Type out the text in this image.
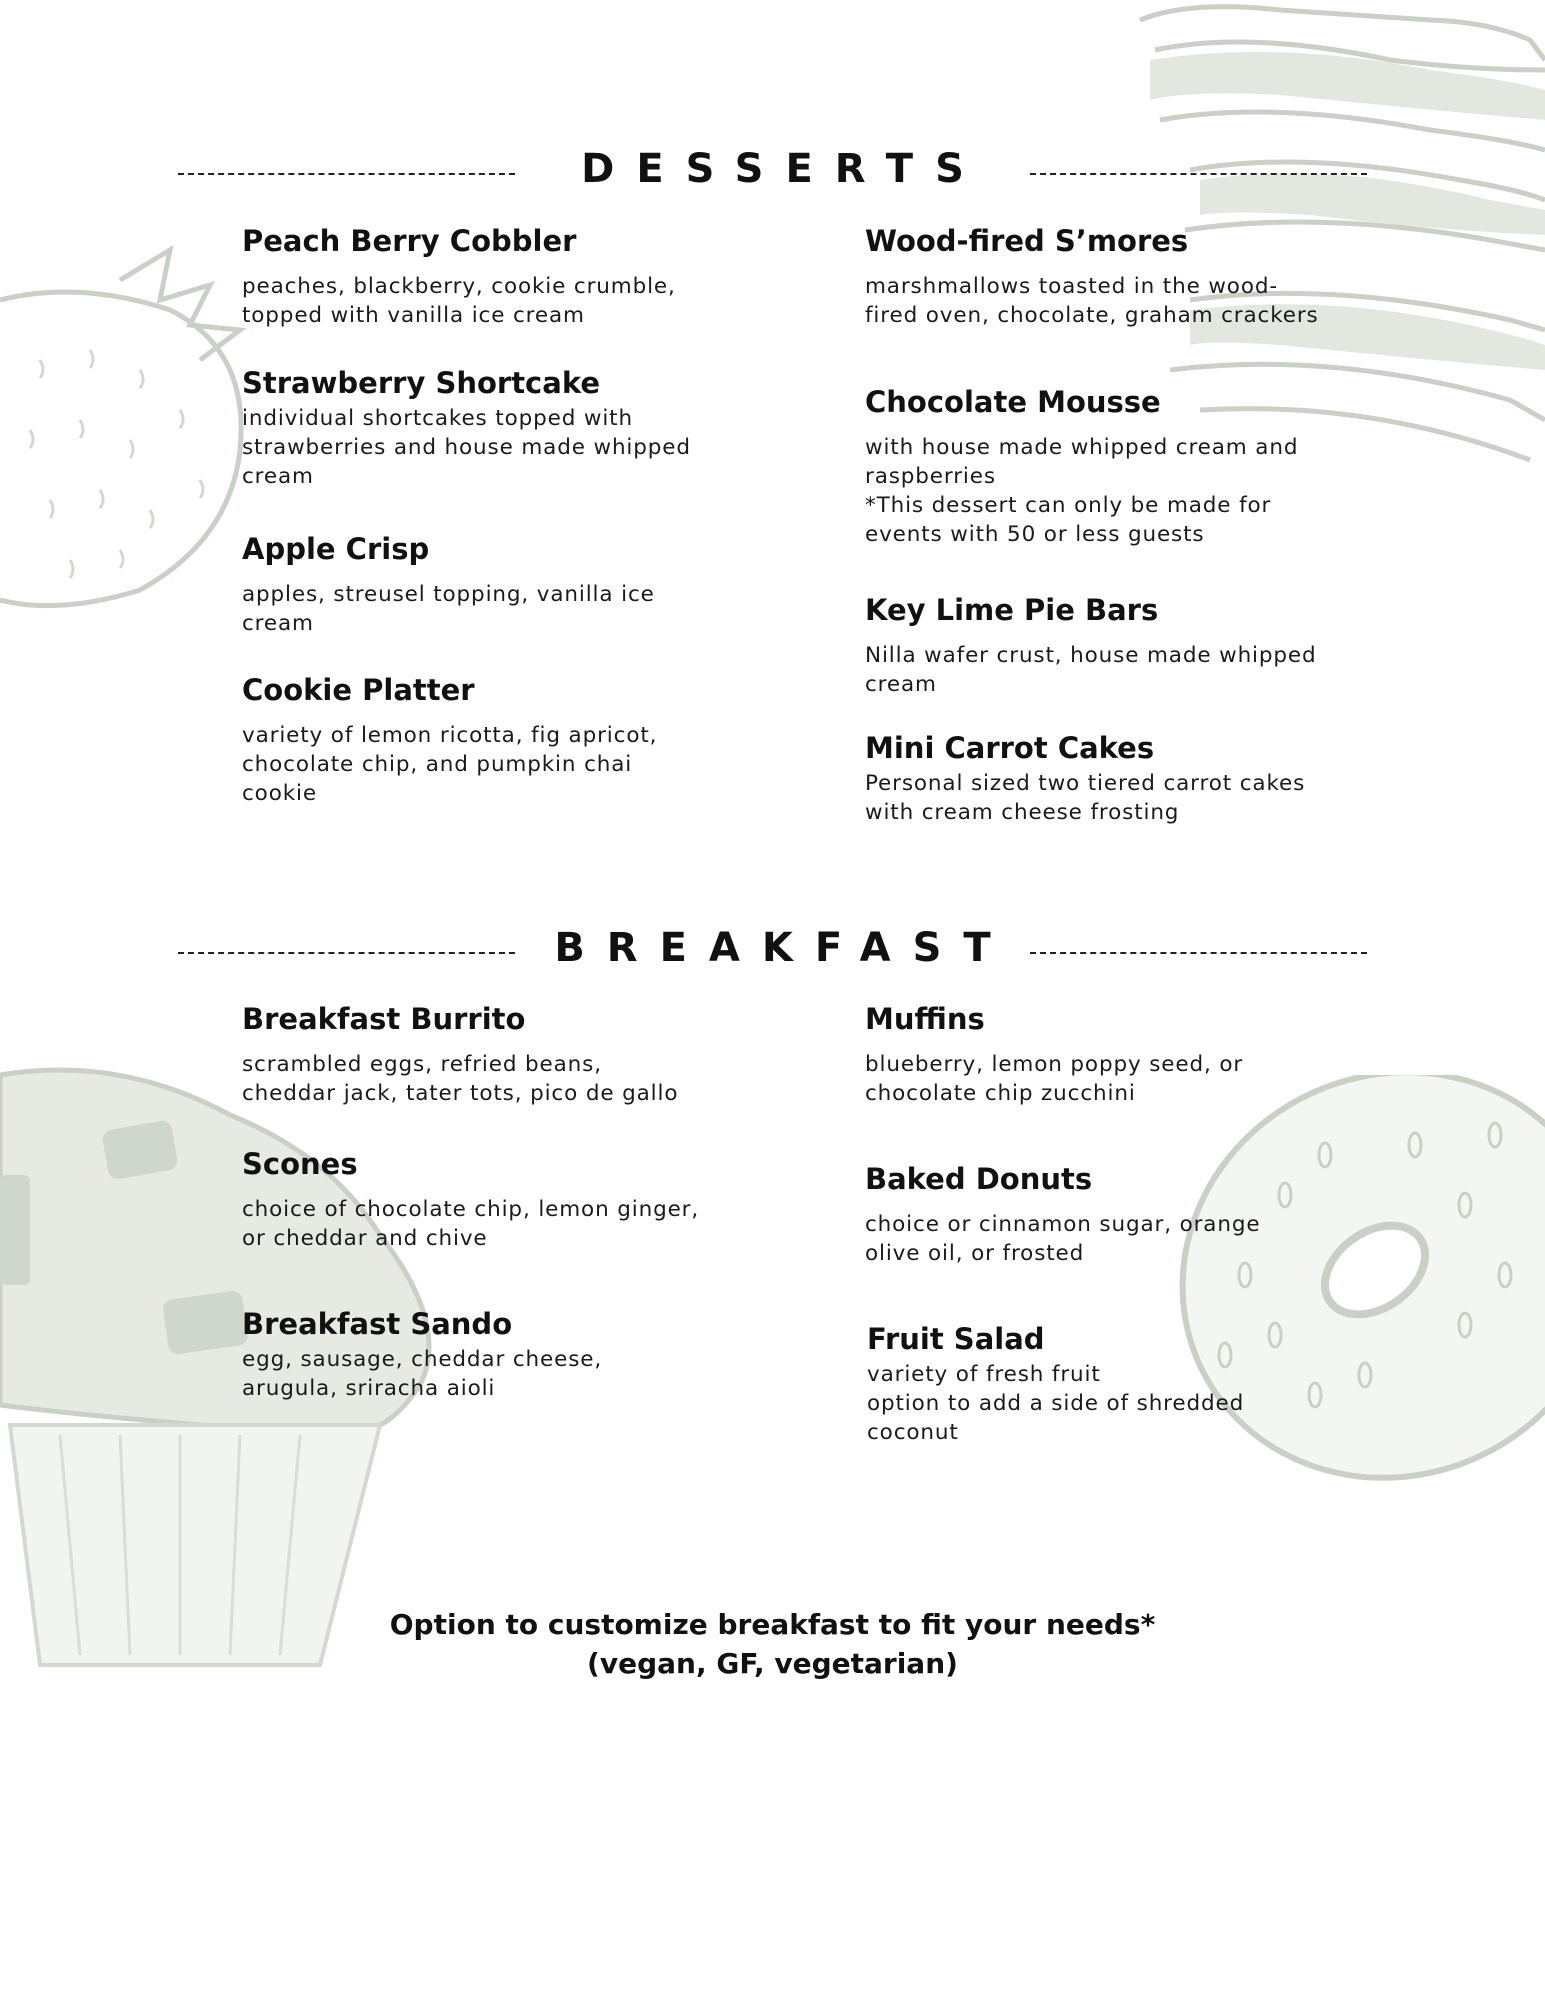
DESSERTS
Peach Berry Cobbler
peaches, blackberry, cookie crumble,
topped with vanilla ice cream
Strawberry Shortcake
individual shortcakes topped with
strawberries and house made whipped
cream
Apple Crisp
apples, streusel topping, vanilla ice
cream
Cookie Platter
variety of lemon ricotta, fig apricot,
chocolate chip, and pumpkin chai
cookie
Wood-fired S’mores
marshmallows toasted in the wood-
fired oven, chocolate, graham crackers
Chocolate Mousse
with house made whipped cream and
raspberries
*This dessert can only be made for
events with 50 or less guests
Key Lime Pie Bars
Nilla wafer crust, house made whipped
cream
Mini Carrot Cakes
Personal sized two tiered carrot cakes
with cream cheese frosting
BREAKFAST
Breakfast Burrito
scrambled eggs, refried beans,
cheddar jack, tater tots, pico de gallo
Scones
choice of chocolate chip, lemon ginger,
or cheddar and chive
Breakfast Sando
egg, sausage, cheddar cheese,
arugula, sriracha aioli
Muffins
blueberry, lemon poppy seed, or
chocolate chip zucchini
Baked Donuts
choice or cinnamon sugar, orange
olive oil, or frosted
Fruit Salad
variety of fresh fruit
option to add a side of shredded
coconut
Option to customize breakfast to fit your needs*
(vegan, GF, vegetarian)
